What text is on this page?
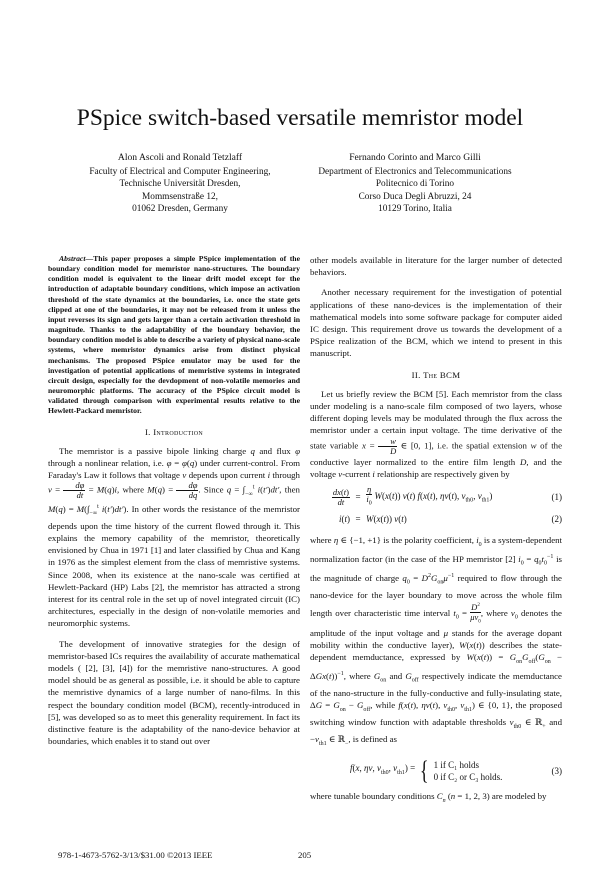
PSpice switch-based versatile memristor model
Alon Ascoli and Ronald Tetzlaff
Faculty of Electrical and Computer Engineering,
Technische Universität Dresden,
Mommsenstraße 12,
01062 Dresden, Germany
Fernando Corinto and Marco Gilli
Department of Electronics and Telecommunications
Politecnico di Torino
Corso Duca Degli Abruzzi, 24
10129 Torino, Italia

Abstract—This paper proposes a simple PSpice implementation of the boundary condition model for memristor nano-structures. The boundary condition model is equivalent to the linear drift model except for the introduction of adaptable boundary conditions, which impose an activation threshold of the state dynamics at the boundaries, i.e. once the state gets clipped at one of the boundaries, it may not be released from it unless the input reverses its sign and gets larger than a certain activation threshold in magnitude. Thanks to the adaptability of the boundary behavior, the boundary condition model is able to describe a variety of physical nano-scale systems, where memristor dynamics arise from distinct physical mechanisms. The proposed PSpice emulator may be used for the investigation of potential applications of memristive systems in integrated circuit design, especially for the devdopment of non-volatile memories and neuromorphic platforms. The accuracy of the PSpice circuit model is validated through comparison with experimental results relative to the Hewlett-Packard memristor.

I. Introduction

The memristor is a passive bipole linking charge q and flux φ through a nonlinear relation, i.e. φ = φ(q) under current-control. From Faraday's Law it follows that voltage v depends upon current i through $v = \frac{d\varphi}{dt} = M(q)i$, where $M(q) = \frac{d\varphi}{dq}$ . Since $q = \int_{-\infty}^t$ i(t′)dt′, then $M(q) = M(\int_{-\infty}^t$ i(t′)dt′). In other words the resistance of the memristor depends upon the time history of the current flowed through it. This explains the memory capability of the memristor, theoretically envisioned by Chua in 1971 [1] and later classified by Chua and Kang in 1976 as the simplest element from the class of memristive systems. Since 2008, when its existence at the nano-scale was certified at Hewlett-Packard (HP) Labs [2], the memristor has attracted a strong interest for its central role in the set up of novel integrated circuit (IC) architectures, especially in the design of non-volatile memories and neuromorphic systems.

The development of innovative strategies for the design of memristor-based ICs requires the availability of accurate mathematical models ( [2], [3], [4]) for the memristive nano-structures. A good model should be as general as possible, i.e. it should be able to capture the memristive dynamics of a large number of nano-films. In this respect the boundary condition model (BCM), recently-introduced in [5], was developed so as to meet this generality requirement. In fact its distinctive feature is the adaptability of the nano-device behavior at boundaries, which enables it to stand out over

other models available in literature for the larger number of detected behaviors.

Another necessary requirement for the investigation of potential applications of these nano-devices is the implementation of their mathematical models into some software package for computer aided IC design. This requirement drove us towards the development of a PSpice realization of the BCM, which we intend to present in this manuscript.

II. The BCM

Let us briefly review the BCM [5]. Each memristor from the class under modeling is a nano-scale film composed of two layers, whose different doping levels may be modulated through the flux across the memristor under a certain input voltage. The time derivative of the state variable $x = \frac{w}{D}$ ∈ [0, 1], i.e. the spatial extension w of the conductive layer normalized to the entire film length D, and the voltage v-current i relationship are respectively given by

$\frac{dx(t)}{dt} = \frac{\eta}{i_0} W(x(t))$ v(t) f(x(t), ηv(t), $v_{th0}$, $v_{th1}$)	(1)
i(t) = W(x(t)) v(t)	(2)

where η ∈ {−1, +1} is the polarity coefficient, $i_0$ is a system-dependent normalization factor (in the case of the HP memristor [2] $i_0 = q_0t_0^{-1}$ is the magnitude of charge $q_0 = D^2G_{on}\mu^{-1}$ required to flow through the nano-device for the layer boundary to move across the whole film length over characteristic time interval $t_0 = \frac{D^2}{\mu v_0}$ , where $v_0$ denotes the amplitude of the input voltage and μ stands for the average dopant mobility within the conductive layer), W(x(t)) describes the state-dependent memductance, expressed by $W(x(t)) = G_{on}G_{off}(G_{on} - \Delta Gx(t))^{-1}$, where $G_{on}$ and $G_{off}$ respectively indicate the memductance of the nano-structure in the fully-conductive and fully-insulating state, $\Delta G = G_{on} - G_{off}$, while f(x(t), ηv(t), $v_{th0}$, $v_{th1}$) ∈ {0, 1}, the proposed switching window function with adaptable thresholds $v_{th0}$ ∈ ℝ$_+$ and $-v_{th1}$ ∈ ℝ$_-$, is defined as

f(x, ηv, $v_{th0}$, $v_{th1}$) = { 1 if C₁ holds
0 if C₂ or C₃ holds.
(3)

where tunable boundary conditions $C_n$ (n = 1, 2, 3) are modeled by

978-1-4673-5762-3/13/$31.00 ©2013 IEEE	205
